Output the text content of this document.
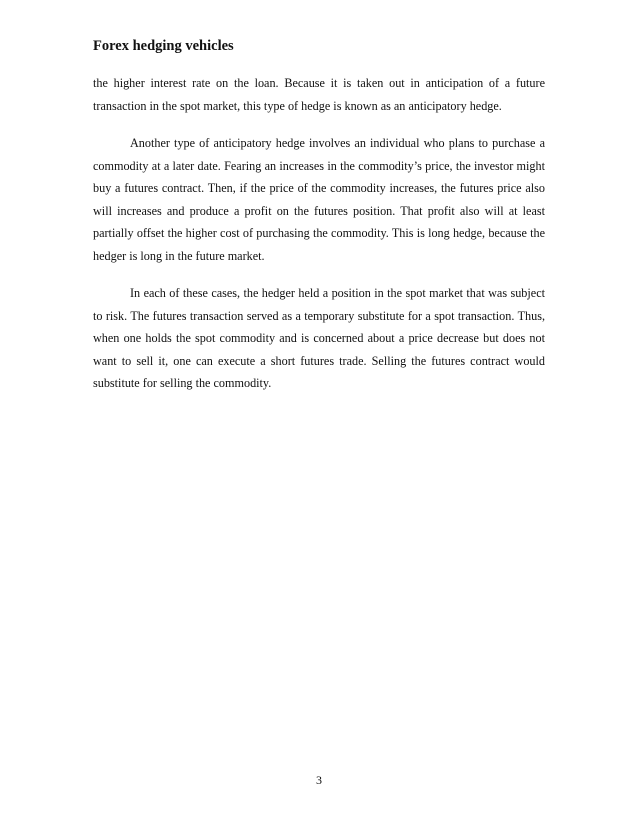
Forex hedging vehicles

the higher interest rate on the loan. Because it is taken out in anticipation of a future transaction in the spot market, this type of hedge is known as an anticipatory hedge.

Another type of anticipatory hedge involves an individual who plans to purchase a commodity at a later date. Fearing an increases in the commodity’s price, the investor might buy a futures contract. Then, if the price of the commodity increases, the futures price also will increases and produce a profit on the futures position. That profit also will at least partially offset the higher cost of purchasing the commodity. This is long hedge, because the hedger is long in the future market.

In each of these cases, the hedger held a position in the spot market that was subject to risk. The futures transaction served as a temporary substitute for a spot transaction. Thus, when one holds the spot commodity and is concerned about a price decrease but does not want to sell it, one can execute a short futures trade. Selling the futures contract would substitute for selling the commodity.

3
